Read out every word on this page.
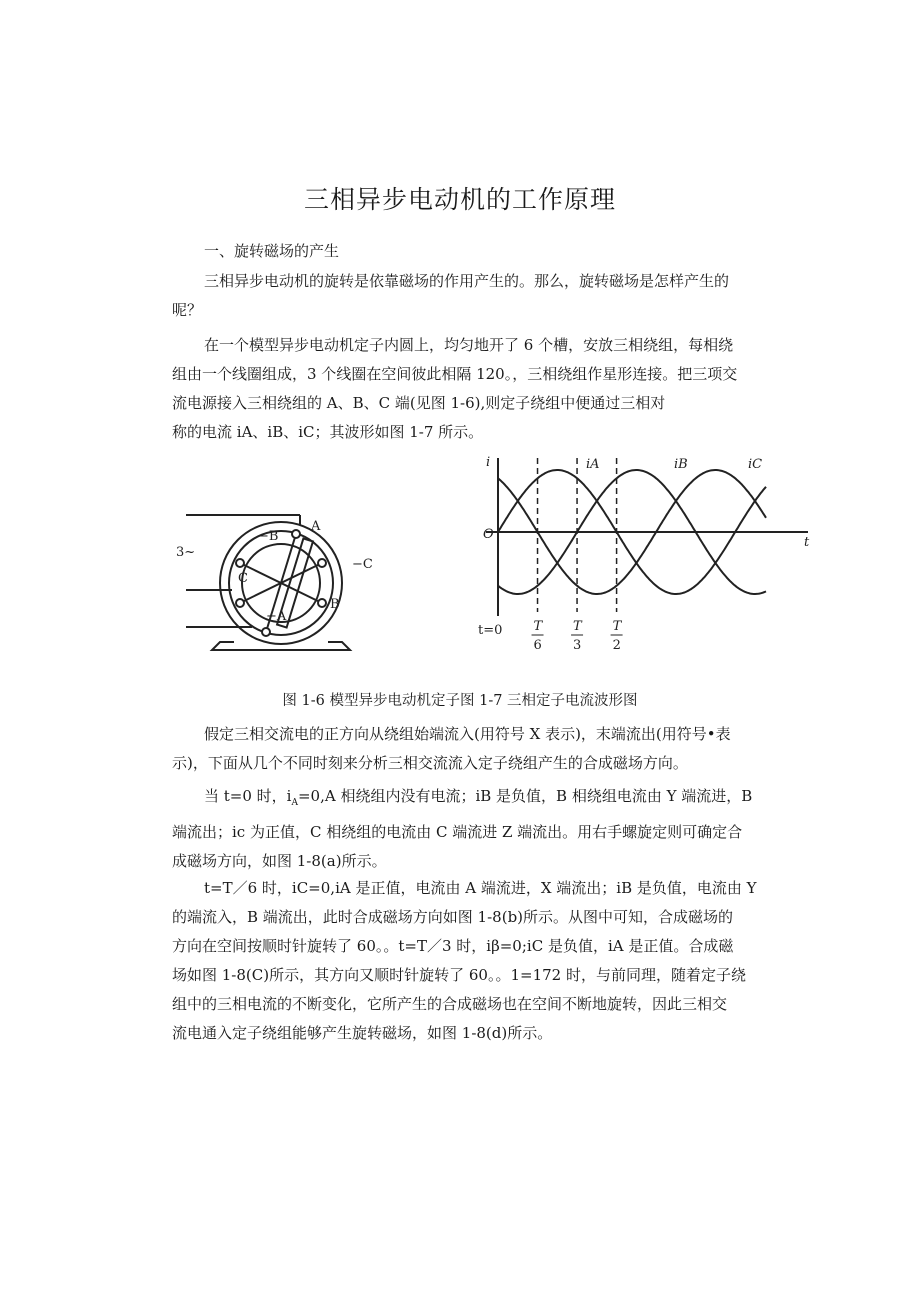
三相异步电动机的工作原理
一、旋转磁场的产生

三相异步电动机的旋转是依靠磁场的作用产生的。那么，旋转磁场是怎样产生的
呢？

在一个模型异步电动机定子内圆上，均匀地开了 6 个槽，安放三相绕组，每相绕
组由一个线圈组成，3 个线圈在空间彼此相隔 120。，三相绕组作星形连接。把三项交
流电源接入三相绕组的 A、B、C 端(见图 1-6),则定子绕组中便通过三相对
称的电流 iA、iB、iC；其波形如图 1-7 所示。

3~
A
B
C
−A
−B
−C
i
t
O
t=0 T
6
T
3
T
2
iA	iB	iC
图 1-6 模型异步电动机定子图 1-7 三相定子电流波形图

假定三相交流电的正方向从绕组始端流入(用符号 X 表示)，末端流出(用符号•表
示)，下面从几个不同时刻来分析三相交流流入定子绕组产生的合成磁场方向。

当 t=0 时，$i_A=0,A$ 相绕组内没有电流；iB 是负值，B 相绕组电流由 Y 端流进，B
端流出；ic 为正值，C 相绕组的电流由 C 端流进 Z 端流出。用右手螺旋定则可确定合
成磁场方向，如图 1-8(a)所示。

t=T／6 时，iC=0,iA 是正值，电流由 A 端流进，X 端流出；iB 是负值，电流由 Y
的端流入，B 端流出，此时合成磁场方向如图 1-8(b)所示。从图中可知，合成磁场的
方向在空间按顺时针旋转了 60。。t=T／3 时，iβ=0;iC 是负值，iA 是正值。合成磁
场如图 1-8(C)所示，其方向又顺时针旋转了 60。。1=172 时，与前同理，随着定子绕
组中的三相电流的不断变化，它所产生的合成磁场也在空间不断地旋转，因此三相交
流电通入定子绕组能够产生旋转磁场，如图 1-8(d)所示。
